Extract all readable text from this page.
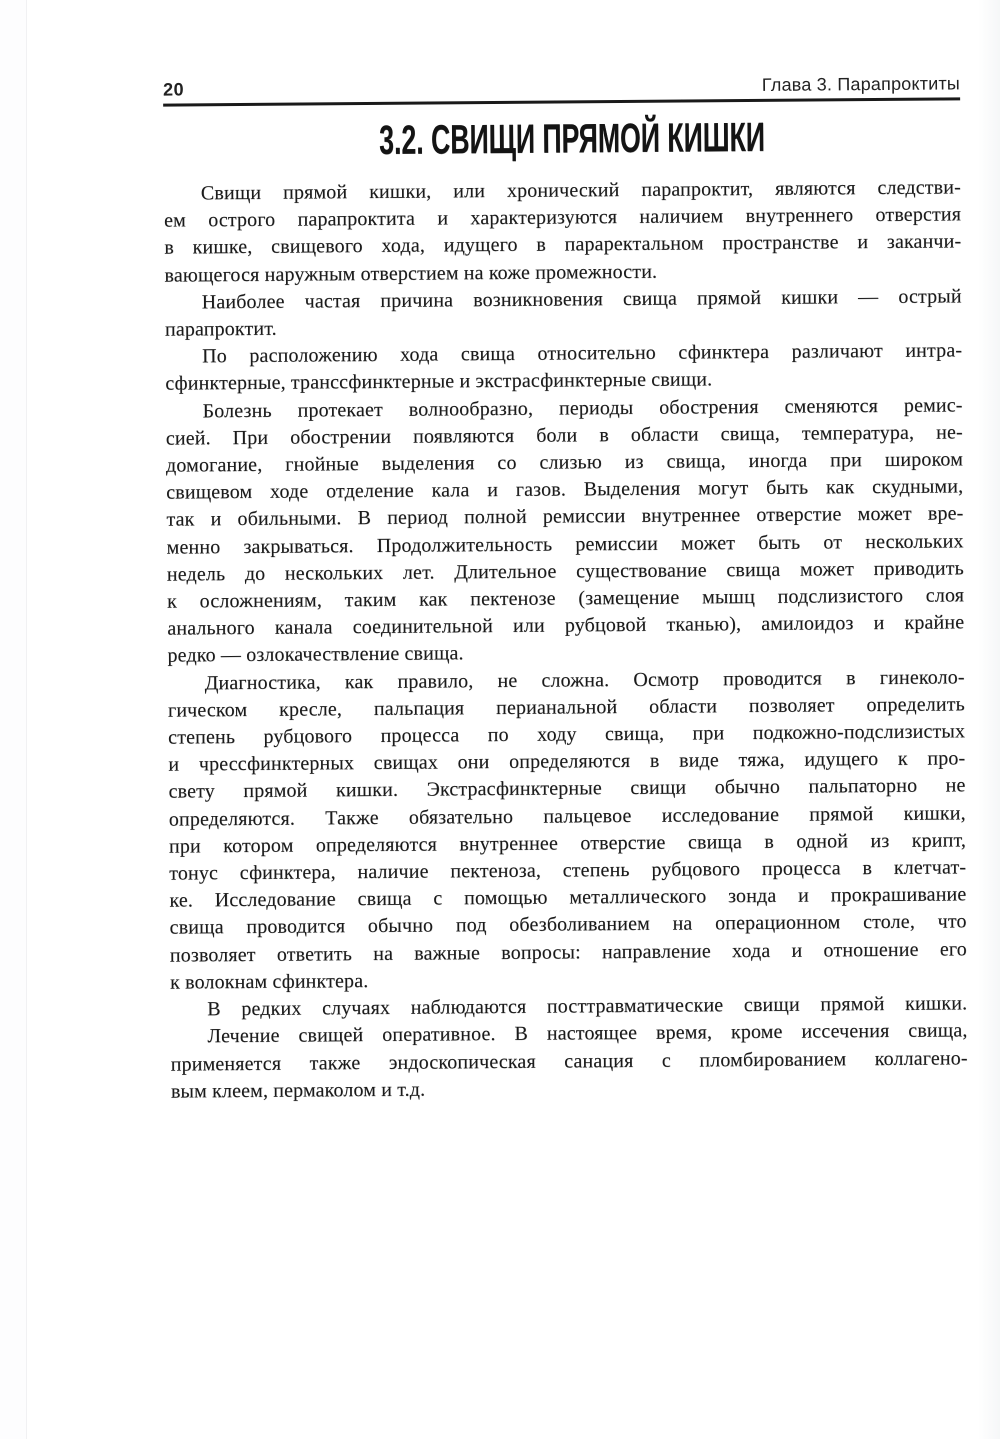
20	Глава 3. Парапроктиты
3.2. СВИЩИ ПРЯМОЙ КИШКИ
Свищи прямой кишки, или хронический парапроктит, являются следстви-
ем острого парапроктита и характеризуются наличием внутреннего отверстия
в кишке, свищевого хода, идущего в параректальном пространстве и заканчи-
вающегося наружным отверстием на коже промежности.
Наиболее частая причина возникновения свища прямой кишки — острый
парапроктит.
По расположению хода свища относительно сфинктера различают интра-
сфинктерные, транссфинктерные и экстрасфинктерные свищи.
Болезнь протекает волнообразно, периоды обострения сменяются ремис-
сией. При обострении появляются боли в области свища, температура, не-
домогание, гнойные выделения со слизью из свища, иногда при широком
свищевом ходе отделение кала и газов. Выделения могут быть как скудными,
так и обильными. В период полной ремиссии внутреннее отверстие может вре-
менно закрываться. Продолжительность ремиссии может быть от нескольких
недель до нескольких лет. Длительное существование свища может приводить
к осложнениям, таким как пектенозе (замещение мышц подслизистого слоя
анального канала соединительной или рубцовой тканью), амилоидоз и крайне
редко — озлокачествление свища.
Диагностика, как правило, не сложна. Осмотр проводится в гинеколо-
гическом кресле, пальпация перианальной области позволяет определить
степень рубцового процесса по ходу свища, при подкожно-подслизистых
и чрессфинктерных свищах они определяются в виде тяжа, идущего к про-
свету прямой кишки. Экстрасфинктерные свищи обычно пальпаторно не
определяются. Также обязательно пальцевое исследование прямой кишки,
при котором определяются внутреннее отверстие свища в одной из крипт,
тонус сфинктера, наличие пектеноза, степень рубцового процесса в клетчат-
ке. Исследование свища с помощью металлического зонда и прокрашивание
свища проводится обычно под обезболиванием на операционном столе, что
позволяет ответить на важные вопросы: направление хода и отношение его
к волокнам сфинктера.
В редких случаях наблюдаются посттравматические свищи прямой кишки.
Лечение свищей оперативное. В настоящее время, кроме иссечения свища,
применяется также эндоскопическая санация с пломбированием коллагено-
вым клеем, пермаколом и т.д.
